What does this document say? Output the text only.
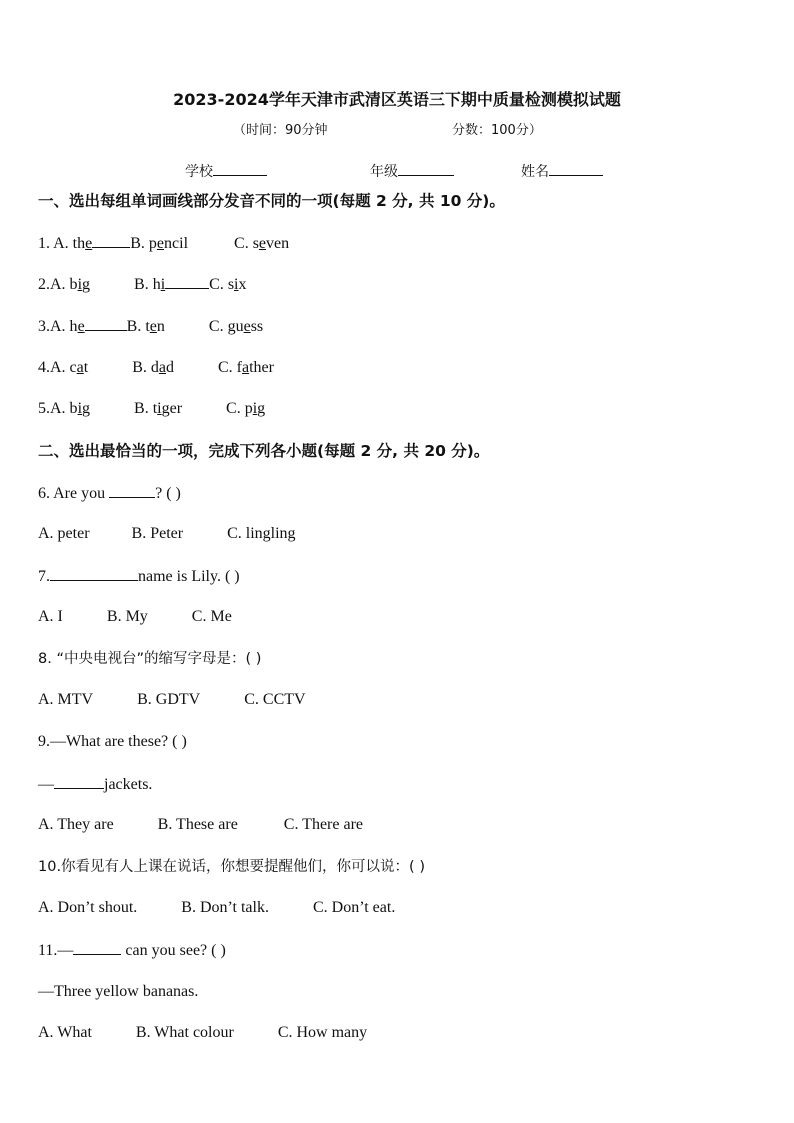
2023-2024学年天津市武清区英语三下期中质量检测模拟试题
（时间：90分钟	分数：100分）
学校	年级	姓名
一、选出每组单词画线部分发音不同的一项(每题 2 分, 共 10 分)。
1. A. the B. pencil	C. seven
2.A. big	B. hi	C. six
3.A. he	B. ten	C. guess
4.A. cat	B. dad	C. father
5.A. big	B. tiger	C. pig
二、选出最恰当的一项，完成下列各小题(每题 2 分, 共 20 分)。
6. Are you	? ( )
A. peter	B. Peter	C. lingling
7.	name is Lily. ( )
A. I	B. My	C. Me
8. “中央电视台”的缩写字母是：( )
A. MTV	B. GDTV	C. CCTV
9.—What are these? ( )
—	jackets.
A. They are	B. These are	C. There are
10.你看见有人上课在说话，你想要提醒他们，你可以说：( )
A. Don’t shout.	B. Don’t talk.	C. Don’t eat.
11.—	can you see? ( )
—Three yellow bananas.
A. What	B. What colour	C. How many
